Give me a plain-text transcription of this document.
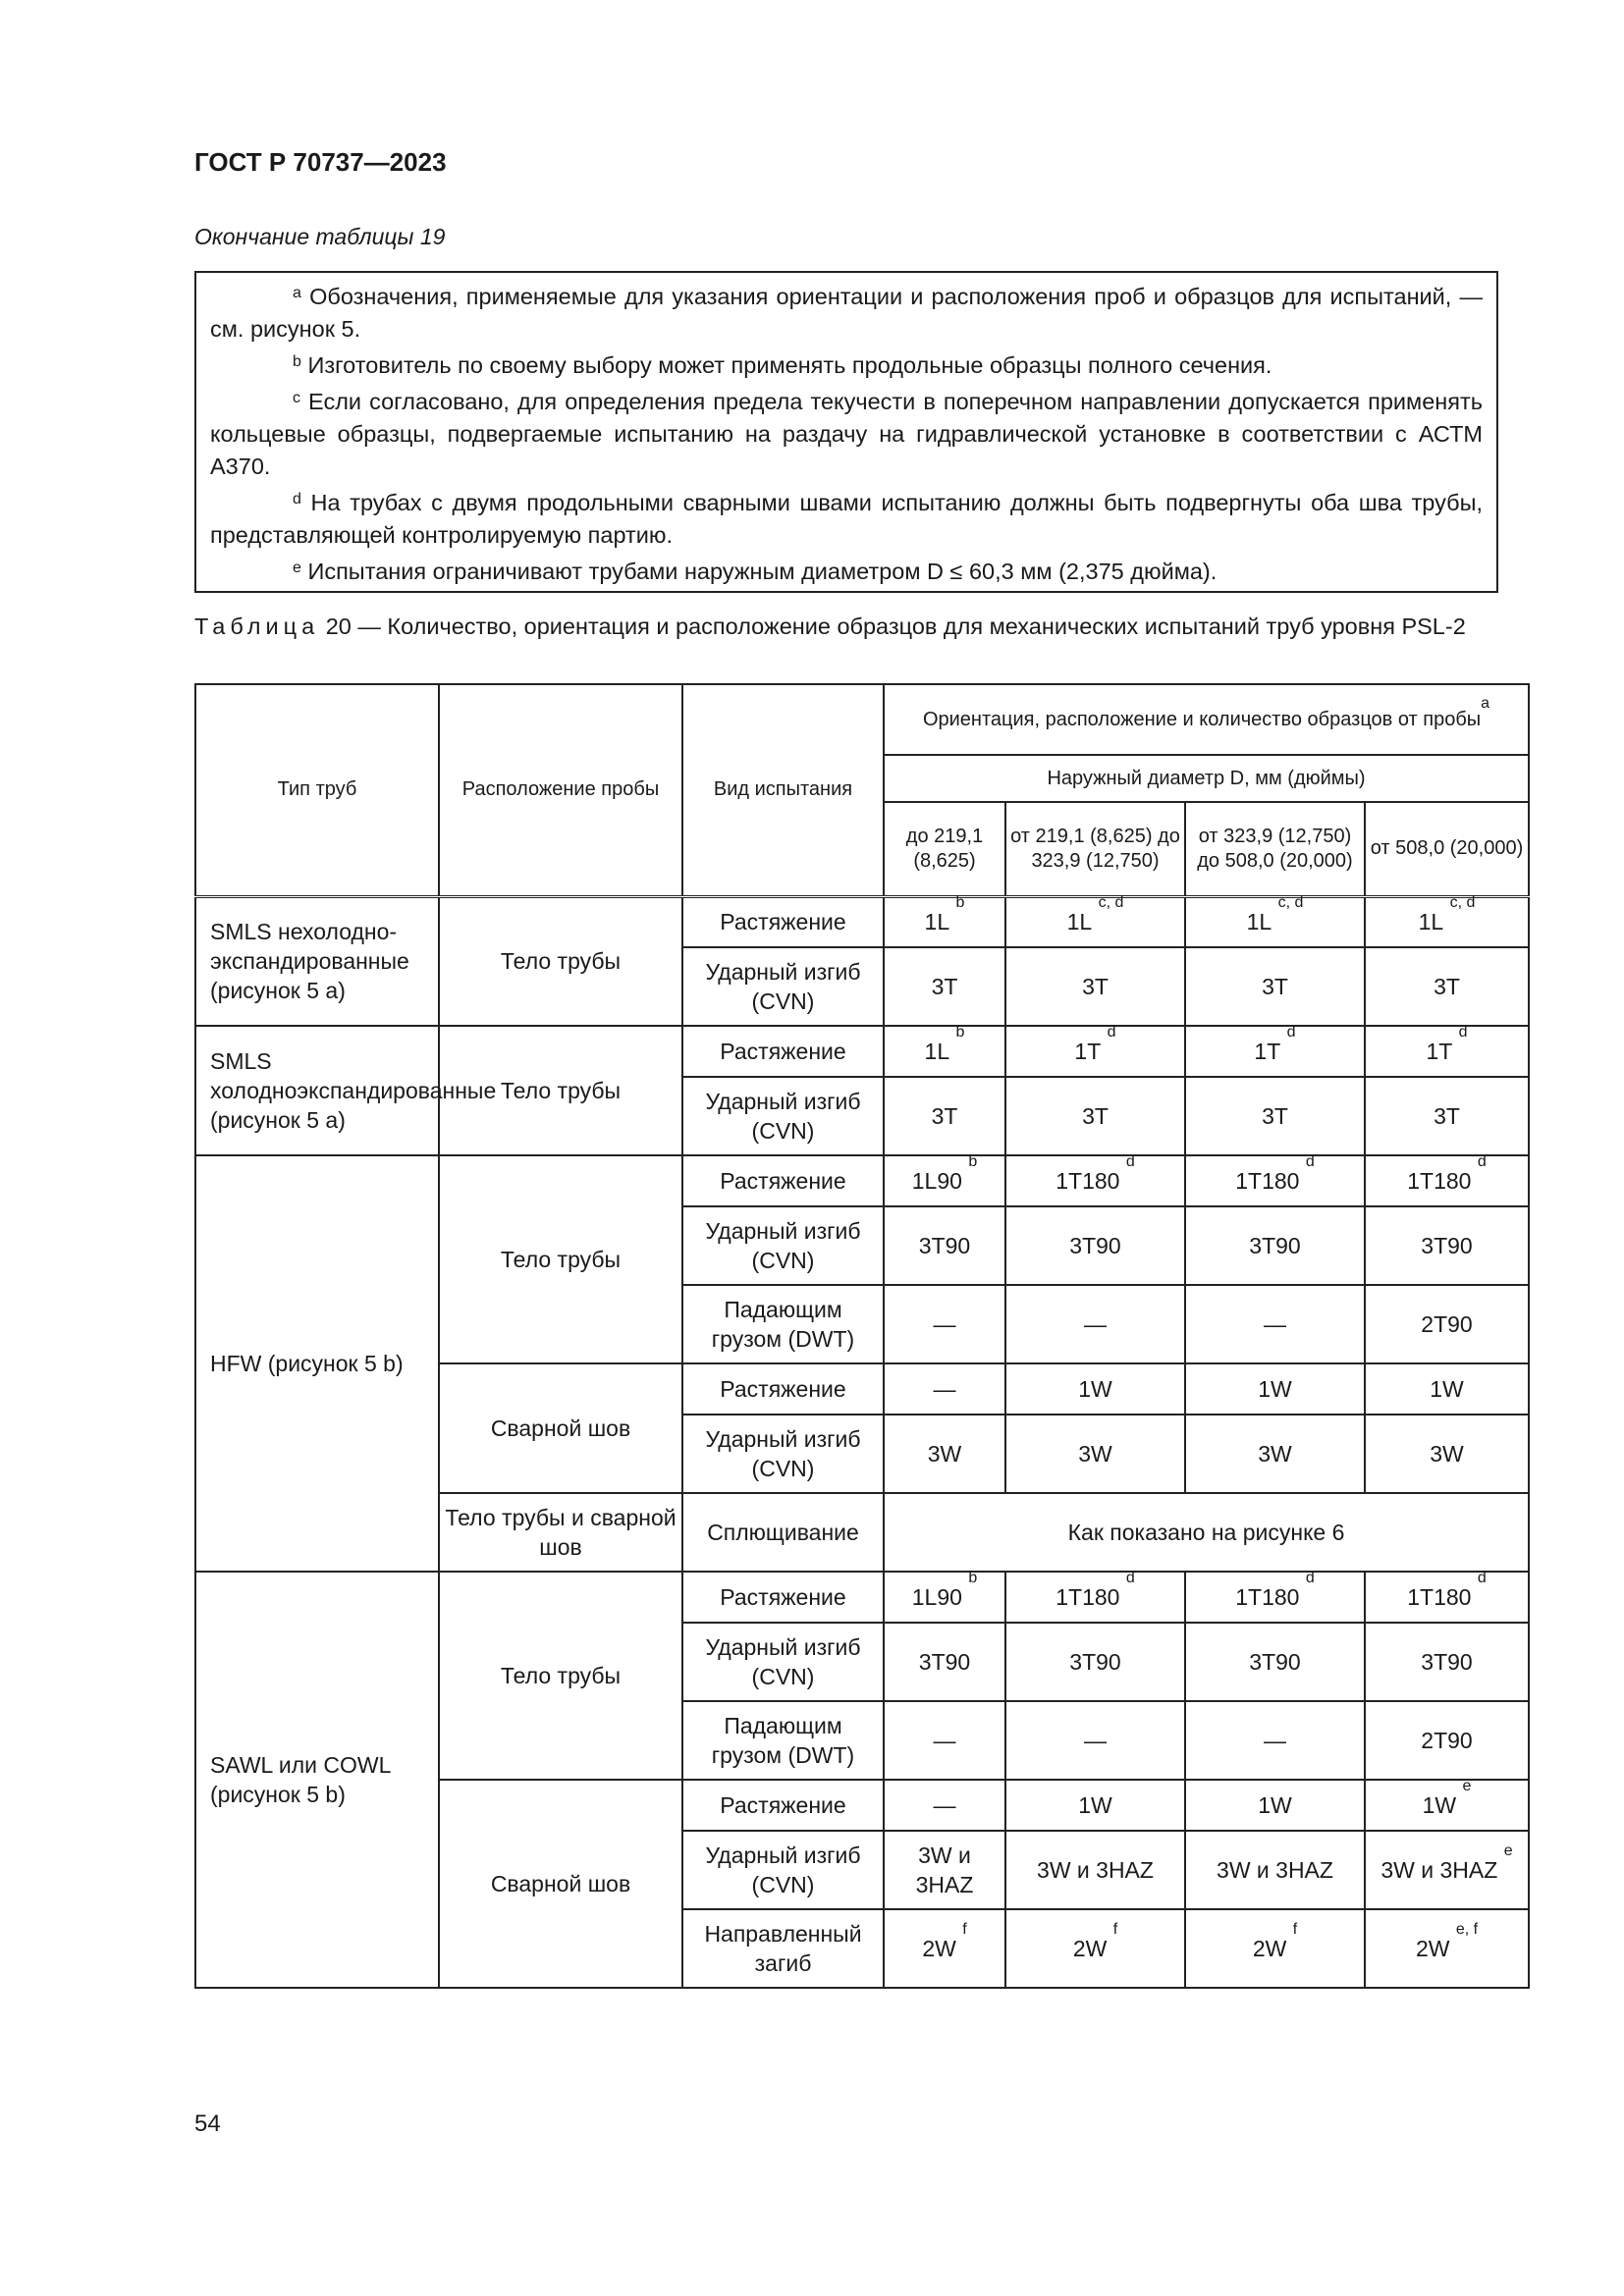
ГОСТ Р 70737—2023
Окончание таблицы 19
$^a$ Обозначения, применяемые для указания ориентации и расположения проб и образцов для испытаний, — см. рисунок 5.
$^b$ Изготовитель по своему выбору может применять продольные образцы полного сечения.
$^c$ Если согласовано, для определения предела текучести в поперечном направлении допускается применять кольцевые образцы, подвергаемые испытанию на раздачу на гидравлической установке в соответствии с АСТМ А370.
$^d$ На трубах с двумя продольными сварными швами испытанию должны быть подвергнуты оба шва трубы, представляющей контролируемую партию.
$^e$ Испытания ограничивают трубами наружным диаметром D ≤ 60,3 мм (2,375 дюйма).
Таблица 20 — Количество, ориентация и расположение образцов для механических испытаний труб уровня PSL-2
Тип труб	Расположение пробы	Вид испытания	Ориентация, расположение и количество образцов от пробы$^a$
			Наружный диаметр D, мм (дюймы)			
			до 219,1 (8,625)	от 219,1 (8,625) до 323,9 (12,750)	от 323,9 (12,750) до 508,0 (20,000)	от 508,0 (20,000)
SMLS нехолодно-экспандированные (рисунок 5 a)	Тело трубы	Растяжение	1L $^b$	1L $^{c, d}$	1L $^{c, d}$	1L $^{c, d}$
		Ударный изгиб (CVN)	3T	3T	3T	3T
SMLS холодноэкспандированные (рисунок 5 a)	Тело трубы	Растяжение	1L $^b$	1T $^d$	1T $^d$	1T $^d$
		Ударный изгиб (CVN)	3T	3T	3T	3T
HFW (рисунок 5 b)	Тело трубы	Растяжение	1L90 $^b$	1T180 $^d$	1T180 $^d$	1T180 $^d$
		Ударный изгиб (CVN)	3T90	3T90	3T90	3T90
		Падающим грузом (DWT)	—	—	—	2T90
	Сварной шов	Растяжение	—	1W	1W	1W
		Ударный изгиб (CVN)	3W	3W	3W	3W
	Тело трубы и сварной шов	Сплющивание	Как показано на рисунке 6			
SAWL или COWL (рисунок 5 b)	Тело трубы	Растяжение	1L90 $^b$	1T180 $^d$	1T180 $^d$	1T180 $^d$
		Ударный изгиб (CVN)	3T90	3T90	3T90	3T90
		Падающим грузом (DWT)	—	—	—	2T90
	Сварной шов	Растяжение	—	1W	1W	1W $^e$
		Ударный изгиб (CVN)	3W и 3HAZ	3W и 3HAZ	3W и 3HAZ	3W и 3HAZ $^e$
		Направленный загиб	2W $^f$	2W $^f$	2W $^f$	2W $^{e, f}$
54
